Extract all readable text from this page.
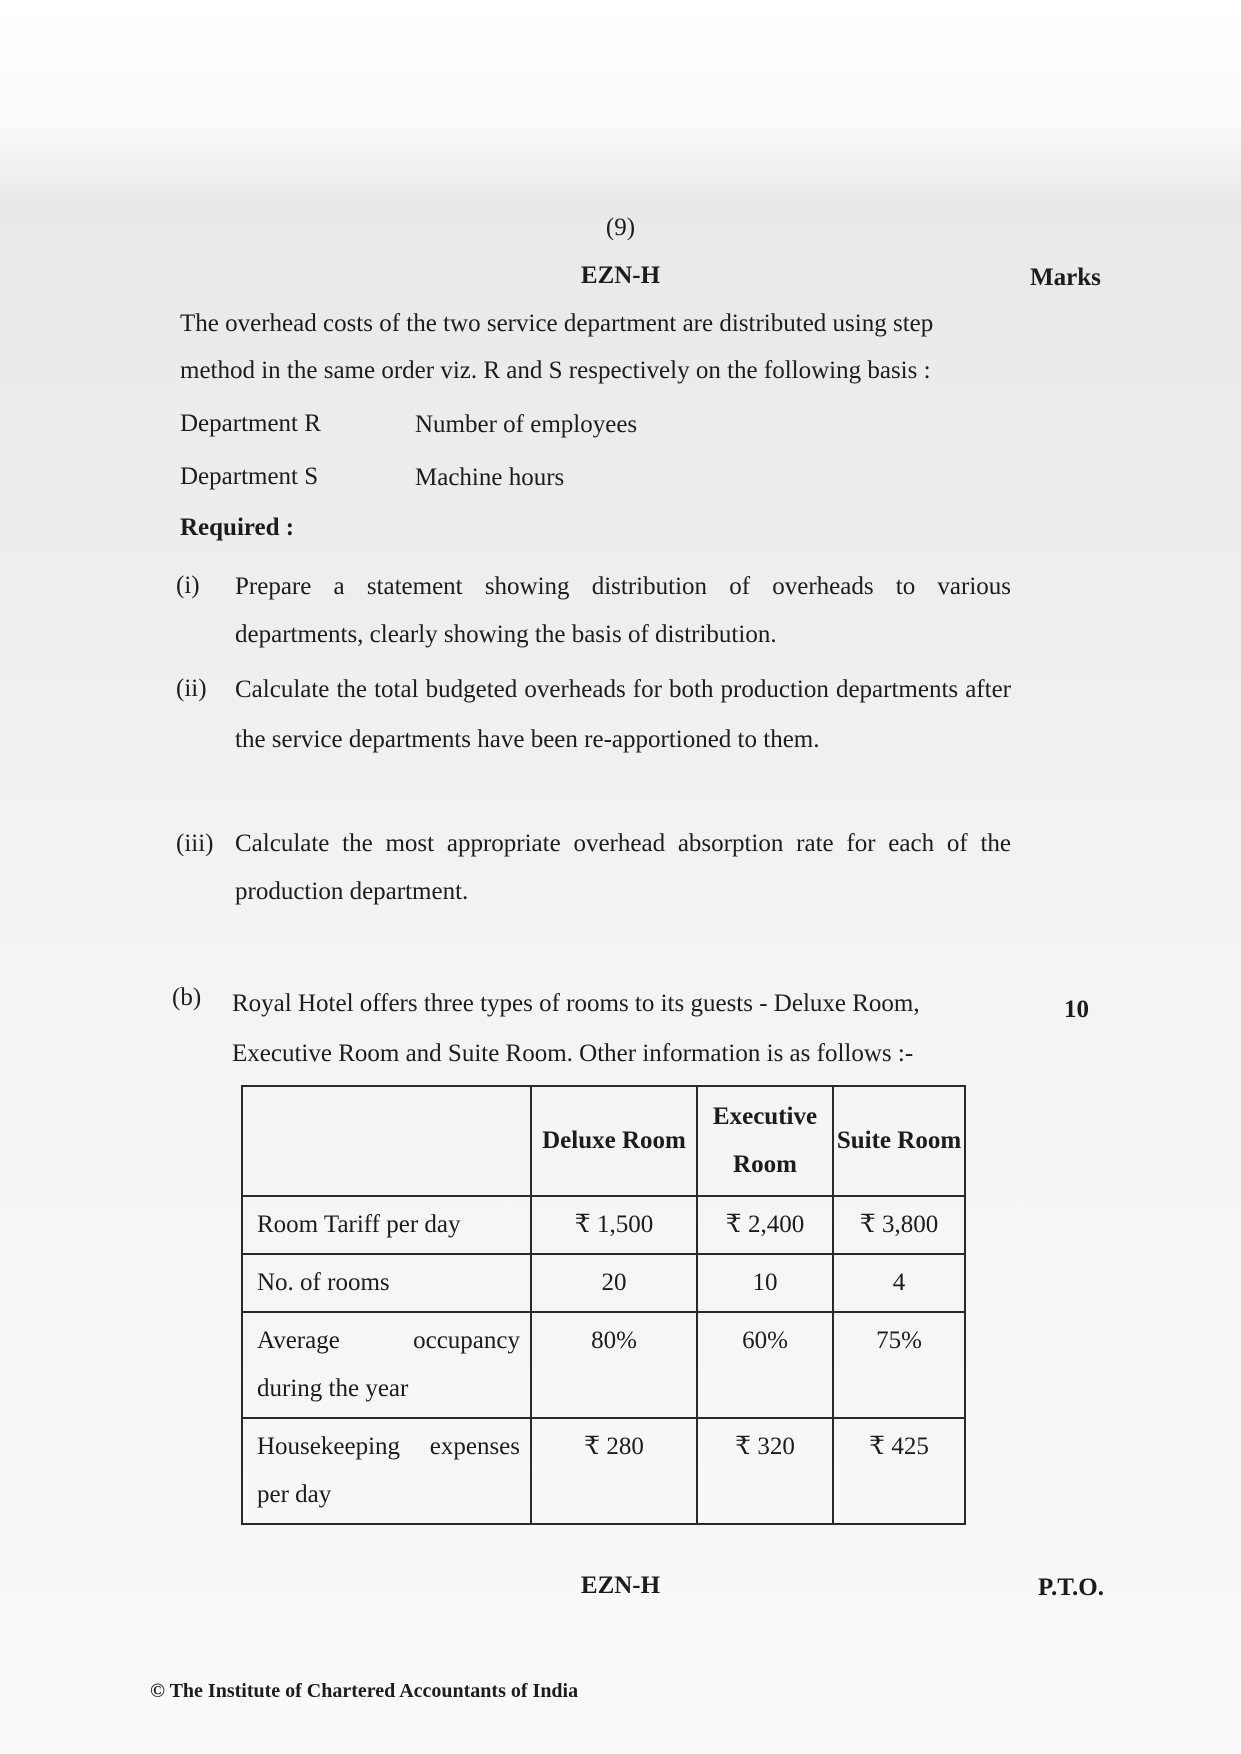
(9)
EZN-H	Marks
The overhead costs of the two service department are distributed using step
method in the same order viz. R and S respectively on the following basis :
Department R	Number of employees
Department S	Machine hours
Required :
(i) Prepare a statement showing distribution of overheads to various departments, clearly showing the basis of distribution.
(ii) Calculate the total budgeted overheads for both production departments after the service departments have been re-apportioned to them.
(iii) Calculate the most appropriate overhead absorption rate for each of the production department.
(b) Royal Hotel offers three types of rooms to its guests - Deluxe Room, Executive Room and Suite Room. Other information is as follows :-
10
	Deluxe Room	Executive Room	Suite Room
Room Tariff per day	₹ 1,500	₹ 2,400	₹ 3,800
No. of rooms	20	10	4

Average occupancy
during the year	80%	60%	75%

Housekeeping expenses
per day	₹ 280	₹ 320	₹ 425
EZN-H	P.T.O.
© The Institute of Chartered Accountants of India
